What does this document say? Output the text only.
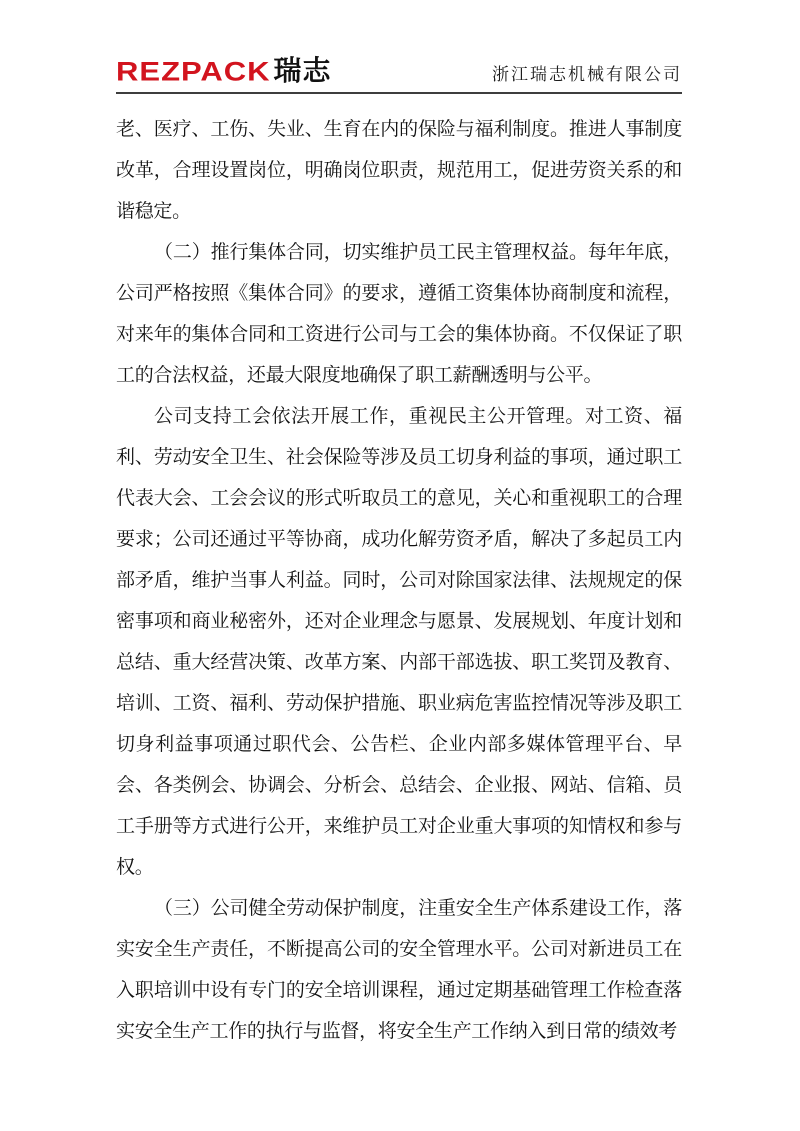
REZPACK 瑞志	浙江瑞志机械有限公司

老、医疗、工伤、失业、生育在内的保险与福利制度。推进人事制度改革，合理设置岗位，明确岗位职责，规范用工，促进劳资关系的和谐稳定。

（二）推行集体合同，切实维护员工民主管理权益。每年年底，公司严格按照《集体合同》的要求，遵循工资集体协商制度和流程，对来年的集体合同和工资进行公司与工会的集体协商。不仅保证了职工的合法权益，还最大限度地确保了职工薪酬透明与公平。

公司支持工会依法开展工作，重视民主公开管理。对工资、福利、劳动安全卫生、社会保险等涉及员工切身利益的事项，通过职工代表大会、工会会议的形式听取员工的意见，关心和重视职工的合理要求；公司还通过平等协商，成功化解劳资矛盾，解决了多起员工内部矛盾，维护当事人利益。同时，公司对除国家法律、法规规定的保密事项和商业秘密外，还对企业理念与愿景、发展规划、年度计划和总结、重大经营决策、改革方案、内部干部选拔、职工奖罚及教育、培训、工资、福利、劳动保护措施、职业病危害监控情况等涉及职工切身利益事项通过职代会、公告栏、企业内部多媒体管理平台、早会、各类例会、协调会、分析会、总结会、企业报、网站、信箱、员工手册等方式进行公开，来维护员工对企业重大事项的知情权和参与权。

（三）公司健全劳动保护制度，注重安全生产体系建设工作，落实安全生产责任，不断提高公司的安全管理水平。公司对新进员工在入职培训中设有专门的安全培训课程，通过定期基础管理工作检查落实安全生产工作的执行与监督，将安全生产工作纳入到日常的绩效考
